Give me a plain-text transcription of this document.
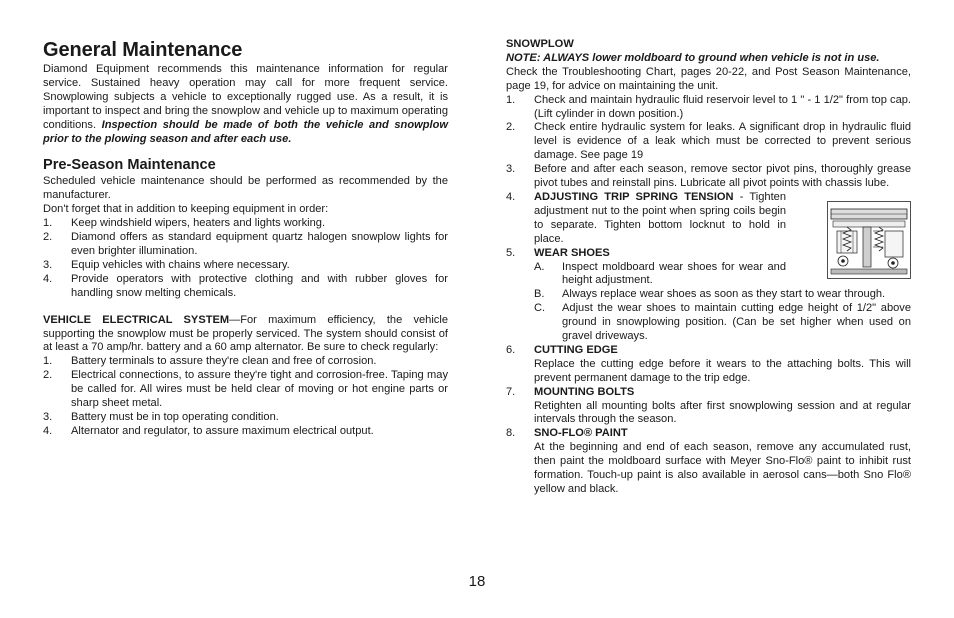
General Maintenance

Diamond Equipment recommends this maintenance information for regular service. Sustained heavy operation may call for more frequent service. Snowplowing subjects a vehicle to exceptionally rugged use. As a result, it is important to inspect and bring the snowplow and vehicle up to maximum operating conditions. Inspection should be made of both the vehicle and snowplow prior to the plowing season and after each use.

Pre-Season Maintenance

Scheduled vehicle maintenance should be performed as recommended by the manufacturer.

Don't forget that in addition to keeping equipment in order:

1. Keep windshield wipers, heaters and lights working.
2. Diamond offers as standard equipment quartz halogen snowplow lights for even brighter illumination.
3. Equip vehicles with chains where necessary.
4. Provide operators with protective clothing and with rubber gloves for handling snow melting chemicals.

VEHICLE ELECTRICAL SYSTEM—For maximum efficiency, the vehicle supporting the snowplow must be properly serviced. The system should consist of at least a 70 amp/hr. battery and a 60 amp alternator. Be sure to check regularly:

1. Battery terminals to assure they're clean and free of corrosion.
2. Electrical connections, to assure they're tight and corrosion-free. Taping may be called for. All wires must be held clear of moving or hot engine parts or sharp sheet metal.
3. Battery must be in top operating condition.
4. Alternator and regulator, to assure maximum electrical output.

SNOWPLOW

NOTE: ALWAYS lower moldboard to ground when vehicle is not in use.

Check the Troubleshooting Chart, pages 20-22, and Post Season Maintenance, page 19, for advice on maintaining the unit.

1. Check and maintain hydraulic fluid reservoir level to 1 " - 1 1/2" from top cap. (Lift cylinder in down position.)
2. Check entire hydraulic system for leaks. A significant drop in hydraulic fluid level is evidence of a leak which must be corrected to prevent serious damage. See page 19
3. Before and after each season, remove sector pivot pins, thoroughly grease pivot tubes and reinstall pins. Lubricate all pivot points with chassis lube.
4. ADJUSTING TRIP SPRING TENSION - Tighten adjustment nut to the point when spring coils begin to separate. Tighten bottom locknut to hold in place.
5. WEAR SHOES
A. Inspect moldboard wear shoes for wear and height adjustment.
B. Always replace wear shoes as soon as they start to wear through.
C. Adjust the wear shoes to maintain cutting edge height of 1/2" above ground in snowplowing position. (Can be set higher when used on gravel driveways.
6. CUTTING EDGE
Replace the cutting edge before it wears to the attaching bolts. This will prevent permanent damage to the trip edge.
7. MOUNTING BOLTS
Retighten all mounting bolts after first snowplowing session and at regular intervals through the season.
8. SNO-FLO® PAINT
At the beginning and end of each season, remove any accumulated rust, then paint the moldboard surface with Meyer Sno-Flo® paint to inhibit rust formation. Touch-up paint is also available in aerosol cans—both Sno Flo® yellow and black.
18
